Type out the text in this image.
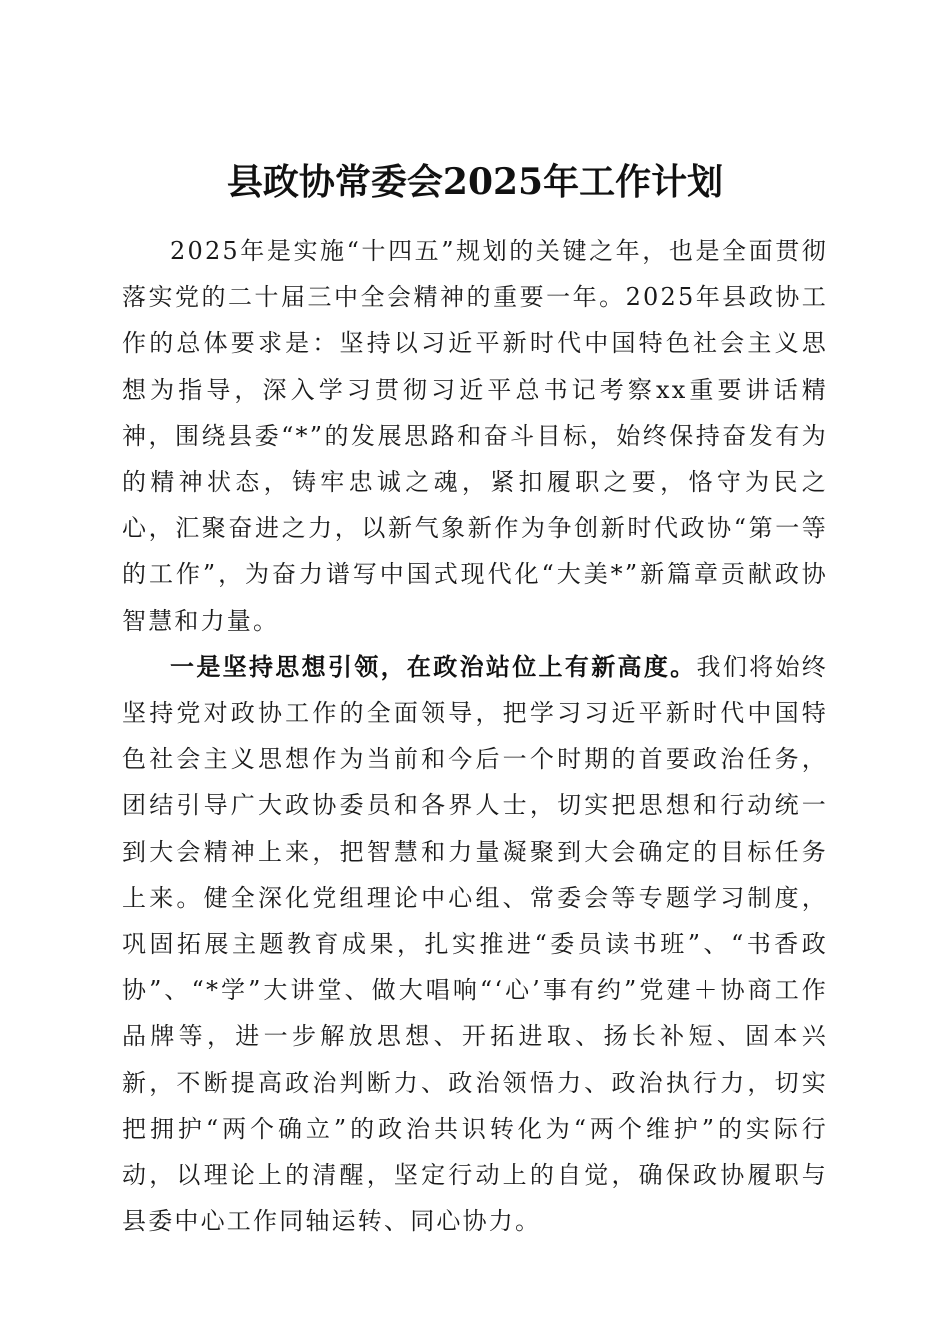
县政协常委会2025年工作计划

2025年是实施“十四五”规划的关键之年，也是全面贯彻落实党的二十届三中全会精神的重要一年。2025年县政协工作的总体要求是：坚持以习近平新时代中国特色社会主义思想为指导，深入学习贯彻习近平总书记考察xx重要讲话精神，围绕县委“*”的发展思路和奋斗目标，始终保持奋发有为的精神状态，铸牢忠诚之魂，紧扣履职之要，恪守为民之心，汇聚奋进之力，以新气象新作为争创新时代政协“第一等的工作”，为奋力谱写中国式现代化“大美*”新篇章贡献政协智慧和力量。

一是坚持思想引领，在政治站位上有新高度。我们将始终坚持党对政协工作的全面领导，把学习习近平新时代中国特色社会主义思想作为当前和今后一个时期的首要政治任务，团结引导广大政协委员和各界人士，切实把思想和行动统一到大会精神上来，把智慧和力量凝聚到大会确定的目标任务上来。健全深化党组理论中心组、常委会等专题学习制度，巩固拓展主题教育成果，扎实推进“委员读书班”、“书香政协”、“*学”大讲堂、做大唱响“‘心’事有约”党建＋协商工作品牌等，进一步解放思想、开拓进取、扬长补短、固本兴新，不断提高政治判断力、政治领悟力、政治执行力，切实把拥护“两个确立”的政治共识转化为“两个维护”的实际行动，以理论上的清醒，坚定行动上的自觉，确保政协履职与县委中心工作同轴运转、同心协力。
